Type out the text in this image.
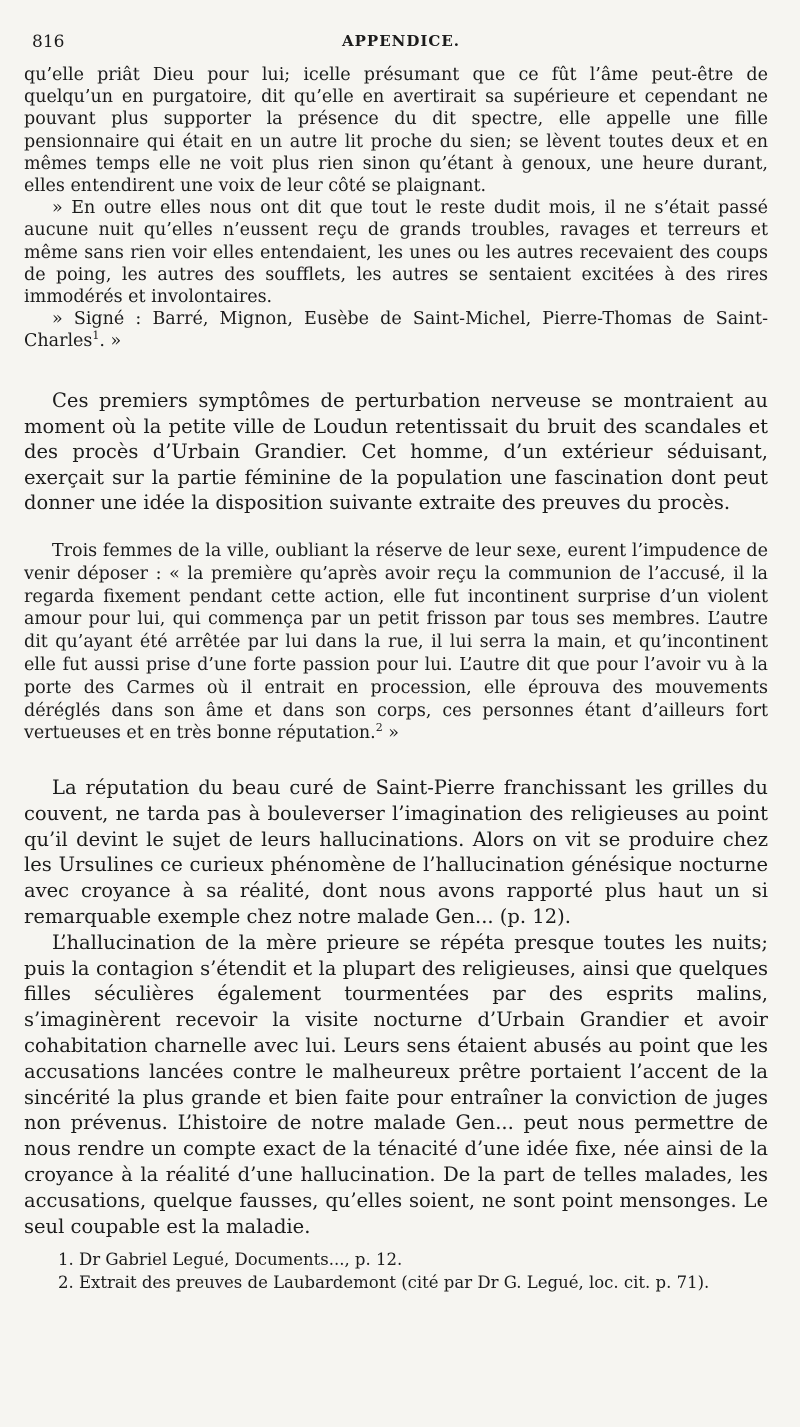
816	APPENDICE.

qu’elle priât Dieu pour lui; icelle présumant que ce fût l’âme peut-être de quelqu’un en purgatoire, dit qu’elle en avertirait sa supérieure et cependant ne pouvant plus supporter la présence du dit spectre, elle appelle une fille pensionnaire qui était en un autre lit proche du sien; se lèvent toutes deux et en mêmes temps elle ne voit plus rien sinon qu’étant à genoux, une heure durant, elles entendirent une voix de leur côté se plaignant.

» En outre elles nous ont dit que tout le reste dudit mois, il ne s’était passé aucune nuit qu’elles n’eussent reçu de grands troubles, ravages et terreurs et même sans rien voir elles entendaient, les unes ou les autres recevaient des coups de poing, les autres des soufflets, les autres se sentaient excitées à des rires immodérés et involontaires.

» Signé : Barré, Mignon, Eusèbe de Saint-Michel, Pierre-Thomas de Saint-Charles$^1$. »

Ces premiers symptômes de perturbation nerveuse se montraient au moment où la petite ville de Loudun retentissait du bruit des scandales et des procès d’Urbain Grandier. Cet homme, d’un extérieur séduisant, exerçait sur la partie féminine de la population une fascination dont peut donner une idée la disposition suivante extraite des preuves du procès.

Trois femmes de la ville, oubliant la réserve de leur sexe, eurent l’impudence de venir déposer : « la première qu’après avoir reçu la communion de l’accusé, il la regarda fixement pendant cette action, elle fut incontinent surprise d’un violent amour pour lui, qui commença par un petit frisson par tous ses membres. L’autre dit qu’ayant été arrêtée par lui dans la rue, il lui serra la main, et qu’incontinent elle fut aussi prise d’une forte passion pour lui. L’autre dit que pour l’avoir vu à la porte des Carmes où il entrait en procession, elle éprouva des mouvements déréglés dans son âme et dans son corps, ces personnes étant d’ailleurs fort vertueuses et en très bonne réputation.$^2$ »

La réputation du beau curé de Saint-Pierre franchissant les grilles du couvent, ne tarda pas à bouleverser l’imagination des religieuses au point qu’il devint le sujet de leurs hallucinations. Alors on vit se produire chez les Ursulines ce curieux phénomène de l’hallucination génésique nocturne avec croyance à sa réalité, dont nous avons rapporté plus haut un si remarquable exemple chez notre malade Gen... (p. 12).

L’hallucination de la mère prieure se répéta presque toutes les nuits; puis la contagion s’étendit et la plupart des religieuses, ainsi que quelques filles séculières également tourmentées par des esprits malins, s’imaginèrent recevoir la visite nocturne d’Urbain Grandier et avoir cohabitation charnelle avec lui. Leurs sens étaient abusés au point que les accusations lancées contre le malheureux prêtre portaient l’accent de la sincérité la plus grande et bien faite pour entraîner la conviction de juges non prévenus. L’histoire de notre malade Gen... peut nous permettre de nous rendre un compte exact de la ténacité d’une idée fixe, née ainsi de la croyance à la réalité d’une hallucination. De la part de telles malades, les accusations, quelque fausses, qu’elles soient, ne sont point mensonges. Le seul coupable est la maladie.

1. Dr Gabriel Legué, Documents..., p. 12.
2. Extrait des preuves de Laubardemont (cité par Dr G. Legué, loc. cit. p. 71).
